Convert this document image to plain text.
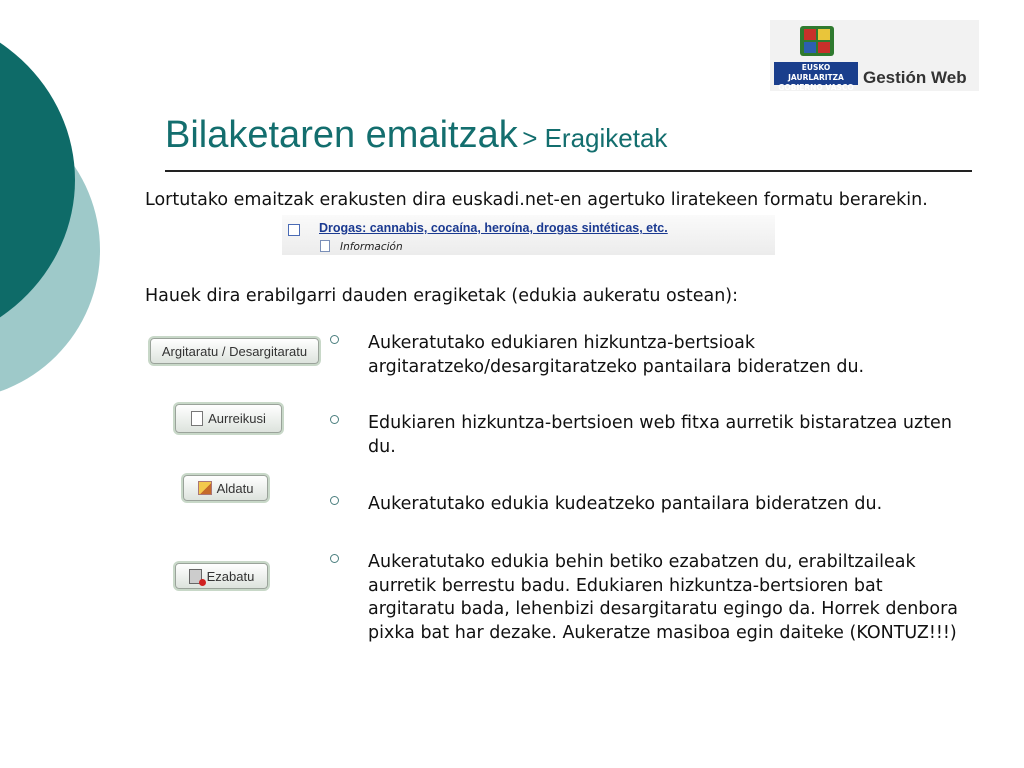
EUSKO JAURLARITZA
GOBIERNO VASCO
Gestión Web
Bilaketaren emaitzak > Eragiketak
Lortutako emaitzak erakusten dira euskadi.net-en agertuko liratekeen formatu berarekin.
Drogas: cannabis, cocaína, heroína, drogas sintéticas, etc.
Información
Hauek dira erabilgarri dauden eragiketak (edukia aukeratu ostean):
Argitaratu / Desargitaratu
Aurreikusi
Aldatu
Ezabatu
Aukeratutako edukiaren hizkuntza-bertsioak argitaratzeko/desargitaratzeko pantailara bideratzen du.
Edukiaren hizkuntza-bertsioen web fitxa aurretik bistaratzea uzten du.
Aukeratutako edukia kudeatzeko pantailara bideratzen du.
Aukeratutako edukia behin betiko ezabatzen du, erabiltzaileak aurretik berrestu badu. Edukiaren hizkuntza-bertsioren bat argitaratu bada, lehenbizi desargitaratu egingo da. Horrek denbora pixka bat har dezake. Aukeratze masiboa egin daiteke (KONTUZ!!!)
